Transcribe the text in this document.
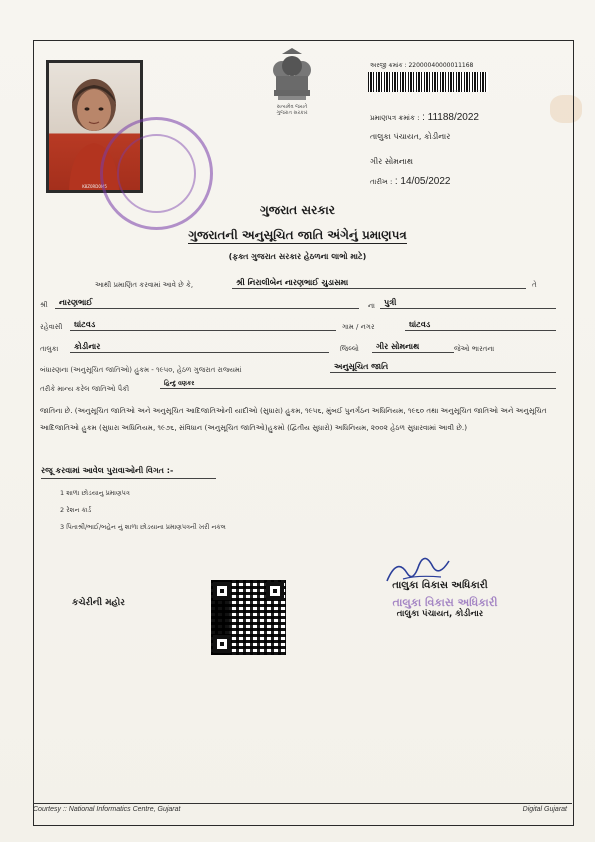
K8Z0RD0M5
સત્યમેવ જયતે
ગુજરાત સરકાર
અરજી ક્રમાંક : 22000040000011168
પ્રમાણપત્ર ક્રમાંક : : 11188/2022
તાલુકા પંચાયત, કોડીનાર
ગીર સોમનાથ
તારીખ : : 14/05/2022
ગુજરાત સરકાર
ગુજરાતની અનુસૂચિત જાતિ અંગેનું પ્રમાણપત્ર
(ફક્ત ગુજરાત સરકાર હેઠળના લાભો માટે)
આથી પ્રમાણિત કરવામાં આવે છે કે,	શ્રી નિરાલીબેન નારણભાઈ ચુડાસમા	તે
શ્રી	નારણભાઈ	ના	પુત્રી
રહેવાસી	ઘાંટવડ	ગામ / નગર	ઘાંટવડ
તાલુકા	કોડીનાર	જિલ્લો	ગીર સોમનાથ	જેઓ ભારતના
બંધારણના (અનુસૂચિત જાતિઓ) હુકમ - ૧૯૫૦, હેઠળ ગુજરાત રાજ્યમાં	અનુસૂચિત જાતિ
તરીકે માન્ય કરેલ જાતિઓ પૈકી
હિન્દુ વણકર
જાતિના છે. (અનુસૂચિત જાતિઓ અને અનુસૂચિત આદિજાતિઓની યાદીઓ (સુધારા) હુકમ, ૧૯૫૬, મુંબઈ પુનર્ગઠન અધિનિયમ, ૧૯૬૦ તથા અનુસૂચિત જાતિઓ અને અનુસૂચિત આદિજાતિઓ હુકમ (સુધારા અધિનિયમ, ૧૯૭૬, સંવિધાન (અનુસૂચિત જાતિઓ)હુકમો (દ્વિતીય સુધારો) અધિનિયમ, ૨૦૦૨ હેઠળ સુધારવામાં આવી છે.)
રજૂ કરવામાં આવેલ પુરાવાઓની વિગત :-
1 શાળા છોડયાનુ પ્રમાણપત્ર
2 રેશન કાર્ડ
3 પિતાશ્રી/ભાઈ/બહેન નું શાળા છોડયાના પ્રમાણપત્રની ખરી નકલ
કચેરીની મહોર
તાલુકા વિકાસ અધિકારી
તાલુકા વિકાસ અધિકારી
તાલુકા પંચાયત, કોડીનાર
Courtesy :: National Informatics Centre, Gujarat	Digital Gujarat
